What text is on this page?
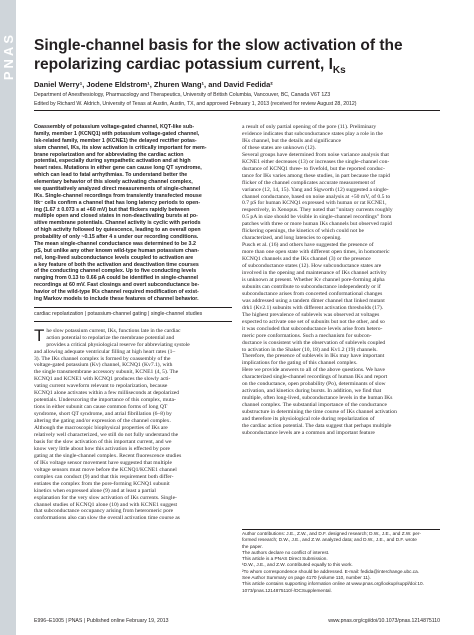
PNAS Single-channel basis for the slow activation of the repolarizing cardiac potassium current, $I_{Ks}$
Daniel Werry¹, Jodene Eldstrom¹, Zhuren Wang¹, and David Fedida²
Department of Anesthesiology, Pharmacology and Therapeutics, University of British Columbia, Vancouver, BC, Canada V6T 1Z3
Edited by Richard W. Aldrich, University of Texas at Austin, Austin, TX, and approved February 1, 2013 (received for review August 28, 2012)
Coassembly of potassium voltage-gated channel, KQT-like sub-
family, member 1 (KCNQ1) with potassium voltage-gated channel,
Isk-related family, member 1 (KCNE1) the delayed rectifier potas-
sium channel, IKs, its slow activation is critically important for mem-
brane repolarization and for abbreviating the cardiac action
potential, especially during sympathetic activation and at high
heart rates. Mutations in either gene can cause long QT syndrome,
which can lead to fatal arrhythmias. To understand better the
elementary behavior of this slowly activating channel complex,
we quantitatively analyzed direct measurements of single-channel
IKs. Single-channel recordings from transiently transfected mouse
ltk⁻ cells confirm a channel that has long latency periods to open-
ing (1.67 ± 0.073 s at +60 mV) but that flickers rapidly between
multiple open and closed states in non-deactivating bursts at po-
sitive membrane potentials. Channel activity is cyclic with periods
of high activity followed by quiescence, leading to an overall open
probability of only ~0.15 after 4 s under our recording conditions.
The mean single-channel conductance was determined to be 3.2
pS, but unlike any other known wild-type human potassium chan-
nel, long-lived subconductance levels coupled to activation are
a key feature of both the activation and deactivation time courses
of the conducting channel complex. Up to five conducting levels
ranging from 0.13 to 0.66 pA could be identified in single-channel
recordings at 60 mV. Fast closings and overt subconductance be-
havior of the wild-type IKs channel required modification of exist-
ing Markov models to include these features of channel behavior.
cardiac repolarization | potassium-channel gating | single-channel studies
T he slow potassium current, IKs, functions late in the cardiac
action potential to repolarize the membrane potential and
provides a critical physiological reserve for abbreviating systole
and allowing adequate ventricular filling at high heart rates (1–
3). The IKs channel complex is formed by coassembly of the
voltage-gated potassium (Kv) channel, KCNQ1 (Kv7.1), with
the single transmembrane accessory subunit, KCNE1 (4, 5). The
KCNQ1 and KCNE1 with KCNQ1 produces the slowly acti-
vating current waveform relevant to repolarization, because
KCNQ1 alone activates within a few milliseconds at depolarized
potentials. Underscoring the importance of this complex, muta-
tions in either subunit can cause common forms of long QT
syndrome, short QT syndrome, and atrial fibrillation (6–8) by
altering the gating and/or expression of the channel complex.
Although the macroscopic biophysical properties of IKs are
relatively well characterized, we still do not fully understand the
basis for the slow activation of this important current, and we
know very little about how this activation is effected by pore
gating at the single-channel complex. Recent fluorescence studies
of IKs voltage sensor movement have suggested that multiple
voltage sensors must move before the KCNQ1/KCNE1 channel
complex can conduct (9) and that this requirement both differ-
entiates the complex from the pore-forming KCNQ1 subunit
kinetics when expressed alone (9) and at least a partial
explanation for the very slow activation of IKs currents. Single-
channel studies of KCNQ1 alone (10) and with KCNE1 suggest
that subconductance occupancy arising from heteromeric pore
conformations also can slow the overall activation time course as
a result of only partial opening of the pore (11). Preliminary
evidence indicates that subconductance states play a role in the
IKs channel, but the details and significance
of these states are unknown (12).
Several groups have determined from noise variance analysis that
KCNE1 either decreases (13) or increases the single-channel con-
ductance of KCNQ1 three- to fivefold, but the reported conduc-
tance for IKs varies among these studies, in part because the rapid
flicker of the channel complicates accurate measurement of
variance (12, 14, 15). Yang and Sigworth (12) suggested a single-
channel conductance, based on noise analysis at +50 mV, of 0.5 to
0.7 pS for human KCNQ1 expressed with human or rat KCNE1,
respectively, in Xenopus. They noted that "unitary currents roughly
0.5 pA in size should be visible in single-channel recordings" from
patches with three or more human IKs channels but observed rapid
flickering openings, the kinetics of which could not be
characterized, and long latencies to opening.
Pusch et al. (16) and others have suggested the presence of
more than one open state with different open times, in homomeric
KCNQ1 channels and the IKs channel (3) or the presence
of subconductance states (12). How subconductance states are
involved in the opening and maintenance of IKs channel activity
is unknown at present. Whether Kv channel pore-forming alpha
subunits can contribute to subconductance independently or if
subconductance arises from concerted conformational changes
was addressed using a tandem dimer channel that linked mutant
drk1 (Kv2.1) subunits with different activation thresholds (17).
The highest prevalence of sublevels was observed at voltages
expected to activate one set of subunits but not the other, and so
it was concluded that subconductance levels arise from hetero-
meric pore conformations. Such a mechanism for subcon-
ductance is consistent with the observation of sublevels coupled
to activation in the Shaker (10, 18) and Kv1.2 (19) channels.
Therefore, the presence of sublevels in IKs may have important
implications for the gating of this channel complex.
Here we provide answers to all of the above questions. We have
characterized single-channel recordings of human IKs and report
on the conductance, open probability (Po), determinants of slow
activation, and kinetics during bursts. In addition, we find that
multiple, often long-lived, subconductance levels in the human IKs
channel complex. The substantial importance of the conductance
substructure in determining the time course of IKs channel activation
and therefore its physiological role during repolarization of
the cardiac action potential. The data suggest that perhaps multiple
subconductance levels are a common and important feature
Author contributions: J.E., Z.W., and D.F. designed research; D.W., J.E., and Z.W. per-
formed research; D.W., J.E., and Z.W. analyzed data; and D.W., J.E., and D.F. wrote
the paper.
The authors declare no conflict of interest.
This article is a PNAS Direct Submission.
¹D.W., J.E., and Z.W. contributed equally to this work.
²To whom correspondence should be addressed. E-mail: fedida@interchange.ubc.ca.
See Author Summary on page 4170 (volume 110, number 11).
This article contains supporting information online at www.pnas.org/lookup/suppl/doi:10.
1073/pnas.1214875110/-/DCSupplemental.
E996–E1005 | PNAS | Published online February 19, 2013	www.pnas.org/cgi/doi/10.1073/pnas.1214875110
